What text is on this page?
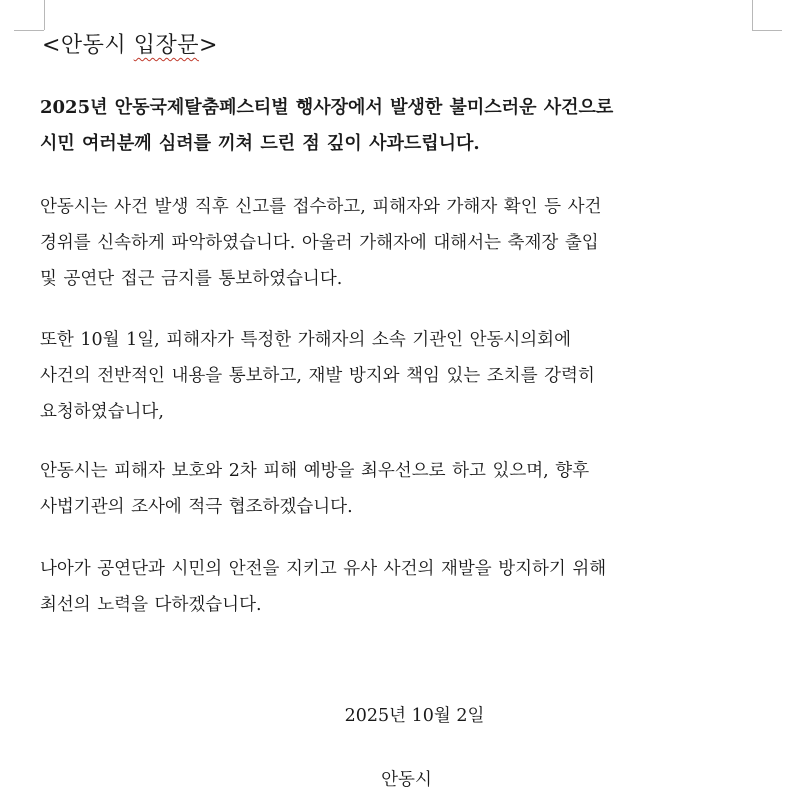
<안동시 입장문>
2025년 안동국제탈춤페스티벌 행사장에서 발생한 불미스러운 사건으로
시민 여러분께 심려를 끼쳐 드린 점 깊이 사과드립니다.
안동시는 사건 발생 직후 신고를 접수하고, 피해자와 가해자 확인 등 사건
경위를 신속하게 파악하였습니다. 아울러 가해자에 대해서는 축제장 출입
및 공연단 접근 금지를 통보하였습니다.
또한 10월 1일, 피해자가 특정한 가해자의 소속 기관인 안동시의회에
사건의 전반적인 내용을 통보하고, 재발 방지와 책임 있는 조치를 강력히
요청하였습니다,
안동시는 피해자 보호와 2차 피해 예방을 최우선으로 하고 있으며, 향후
사법기관의 조사에 적극 협조하겠습니다.
나아가 공연단과 시민의 안전을 지키고 유사 사건의 재발을 방지하기 위해
최선의 노력을 다하겠습니다.
2025년 10월 2일
안동시
